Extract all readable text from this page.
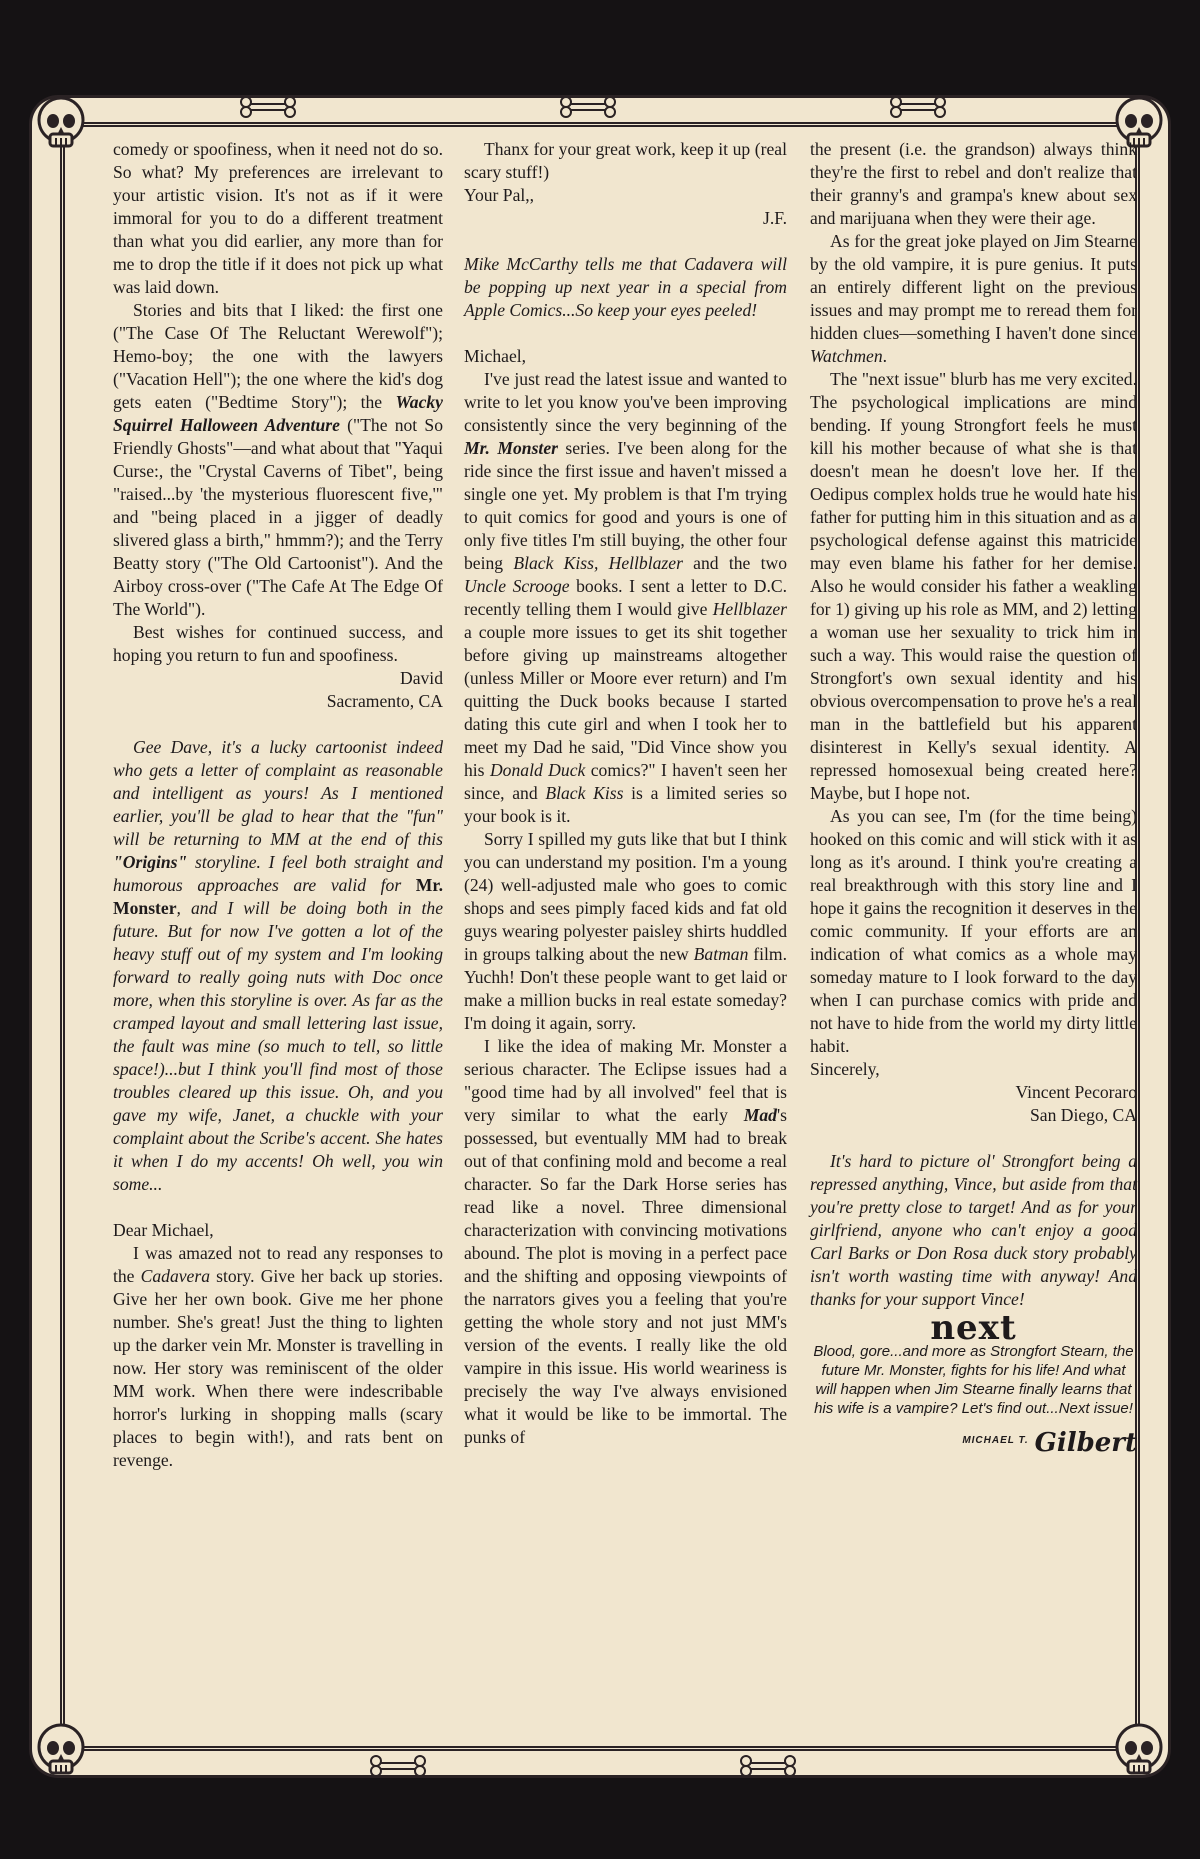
comedy or spoofiness, when it need not do so. So what? My preferences are irrelevant to your artistic vision. It's not as if it were immoral for you to do a different treatment than what you did earlier, any more than for me to drop the title if it does not pick up what was laid down.

Stories and bits that I liked: the first one ("The Case Of The Reluctant Werewolf"); Hemo-boy; the one with the lawyers ("Vacation Hell"); the one where the kid's dog gets eaten ("Bedtime Story"); the Wacky Squirrel Halloween Adventure ("The not So Friendly Ghosts"—and what about that "Yaqui Curse:, the "Crystal Caverns of Tibet", being "raised...by 'the mysterious fluorescent five,'" and "being placed in a jigger of deadly slivered glass a birth," hmmm?); and the Terry Beatty story ("The Old Cartoonist"). And the Airboy cross-over ("The Cafe At The Edge Of The World").

Best wishes for continued success, and hoping you return to fun and spoofiness.

David

Sacramento, CA

Gee Dave, it's a lucky cartoonist indeed who gets a letter of complaint as reasonable and intelligent as yours! As I mentioned earlier, you'll be glad to hear that the "fun" will be returning to MM at the end of this "Origins" storyline. I feel both straight and humorous approaches are valid for Mr. Monster, and I will be doing both in the future. But for now I've gotten a lot of the heavy stuff out of my system and I'm looking forward to really going nuts with Doc once more, when this storyline is over. As far as the cramped layout and small lettering last issue, the fault was mine (so much to tell, so little space!)...but I think you'll find most of those troubles cleared up this issue. Oh, and you gave my wife, Janet, a chuckle with your complaint about the Scribe's accent. She hates it when I do my accents! Oh well, you win some...

Dear Michael,

I was amazed not to read any responses to the Cadavera story. Give her back up stories. Give her her own book. Give me her phone number. She's great! Just the thing to lighten up the darker vein Mr. Monster is travelling in now. Her story was reminiscent of the older MM work. When there were indescribable horror's lurking in shopping malls (scary places to begin with!), and rats bent on revenge.

Thanx for your great work, keep it up (real scary stuff!)

Your Pal,,

J.F.

Mike McCarthy tells me that Cadavera will be popping up next year in a special from Apple Comics...So keep your eyes peeled!

Michael,

I've just read the latest issue and wanted to write to let you know you've been improving consistently since the very beginning of the Mr. Monster series. I've been along for the ride since the first issue and haven't missed a single one yet. My problem is that I'm trying to quit comics for good and yours is one of only five titles I'm still buying, the other four being Black Kiss, Hellblazer and the two Uncle Scrooge books. I sent a letter to D.C. recently telling them I would give Hellblazer a couple more issues to get its shit together before giving up mainstreams altogether (unless Miller or Moore ever return) and I'm quitting the Duck books because I started dating this cute girl and when I took her to meet my Dad he said, "Did Vince show you his Donald Duck comics?" I haven't seen her since, and Black Kiss is a limited series so your book is it.

Sorry I spilled my guts like that but I think you can understand my position. I'm a young (24) well-adjusted male who goes to comic shops and sees pimply faced kids and fat old guys wearing polyester paisley shirts huddled in groups talking about the new Batman film. Yuchh! Don't these people want to get laid or make a million bucks in real estate someday? I'm doing it again, sorry.

I like the idea of making Mr. Monster a serious character. The Eclipse issues had a "good time had by all involved" feel that is very similar to what the early Mad's possessed, but eventually MM had to break out of that confining mold and become a real character. So far the Dark Horse series has read like a novel. Three dimensional characterization with convincing motivations abound. The plot is moving in a perfect pace and the shifting and opposing viewpoints of the narrators gives you a feeling that you're getting the whole story and not just MM's version of the events. I really like the old vampire in this issue. His world weariness is precisely the way I've always envisioned what it would be like to be immortal. The punks of

the present (i.e. the grandson) always think they're the first to rebel and don't realize that their granny's and grampa's knew about sex and marijuana when they were their age.

As for the great joke played on Jim Stearne by the old vampire, it is pure genius. It puts an entirely different light on the previous issues and may prompt me to reread them for hidden clues—something I haven't done since Watchmen.

The "next issue" blurb has me very excited. The psychological implications are mind bending. If young Strongfort feels he must kill his mother because of what she is that doesn't mean he doesn't love her. If the Oedipus complex holds true he would hate his father for putting him in this situation and as a psychological defense against this matricide may even blame his father for her demise. Also he would consider his father a weakling for 1) giving up his role as MM, and 2) letting a woman use her sexuality to trick him in such a way. This would raise the question of Strongfort's own sexual identity and his obvious overcompensation to prove he's a real man in the battlefield but his apparent disinterest in Kelly's sexual identity. A repressed homosexual being created here? Maybe, but I hope not.

As you can see, I'm (for the time being) hooked on this comic and will stick with it as long as it's around. I think you're creating a real breakthrough with this story line and I hope it gains the recognition it deserves in the comic community. If your efforts are an indication of what comics as a whole may someday mature to I look forward to the day when I can purchase comics with pride and not have to hide from the world my dirty little habit.

Sincerely,

Vincent Pecoraro

San Diego, CA

It's hard to picture ol' Strongfort being a repressed anything, Vince, but aside from that you're pretty close to target! And as for your girlfriend, anyone who can't enjoy a good Carl Barks or Don Rosa duck story probably isn't worth wasting time with anyway! And thanks for your support Vince!

next

Blood, gore...and more as Strongfort Stearn, the future Mr. Monster, fights for his life! And what will happen when Jim Stearne finally learns that his wife is a vampire? Let's find out...Next issue!

$^{MICHAEL T.}$ Gilbert
